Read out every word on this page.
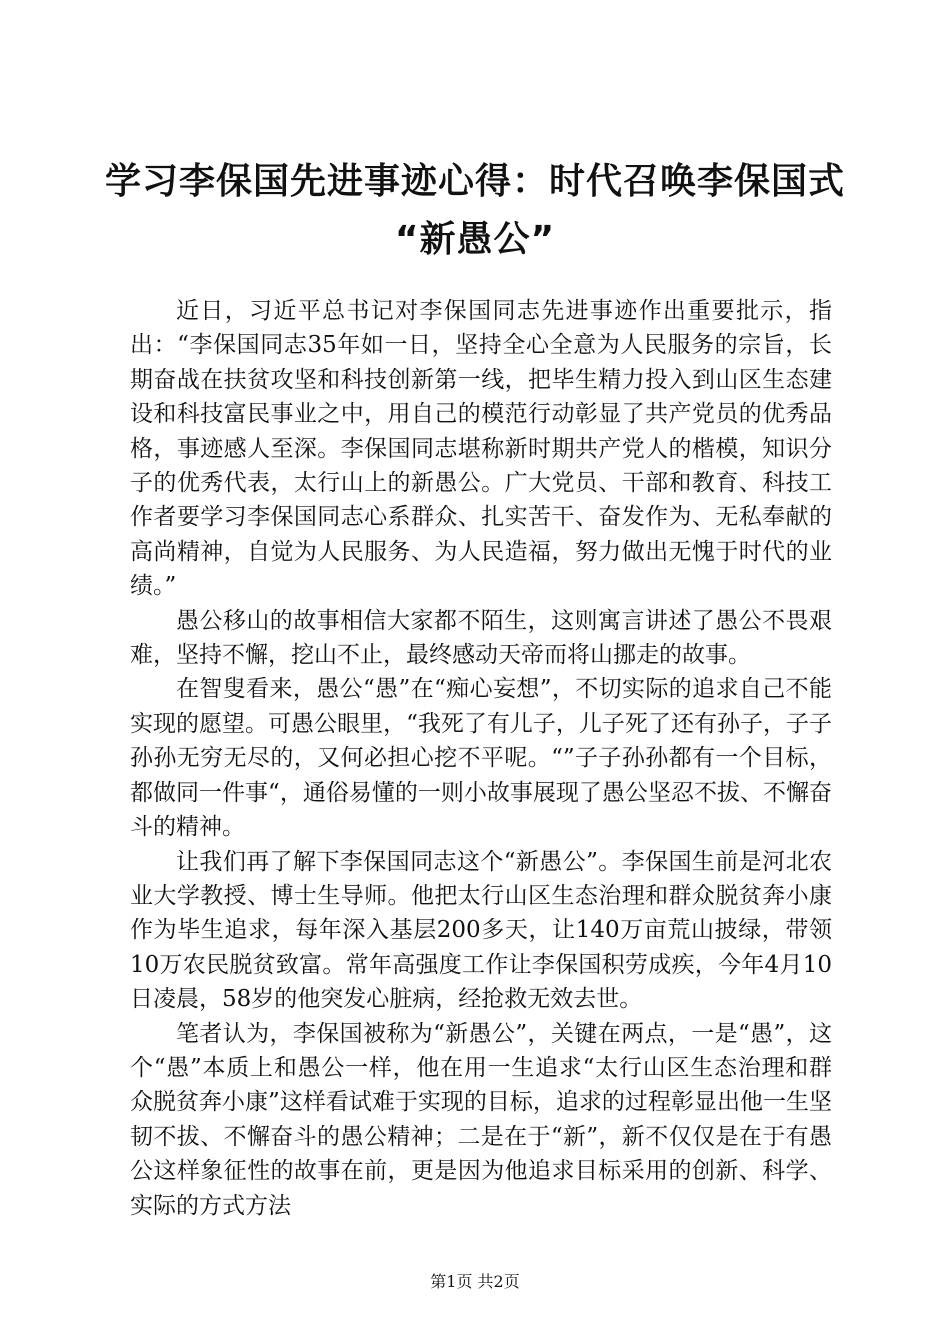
学习李保国先进事迹心得：时代召唤李保国式
“新愚公”

近日，习近平总书记对李保国同志先进事迹作出重要批示，指出：“李保国同志35年如一日，坚持全心全意为人民服务的宗旨，长期奋战在扶贫攻坚和科技创新第一线，把毕生精力投入到山区生态建设和科技富民事业之中，用自己的模范行动彰显了共产党员的优秀品格，事迹感人至深。李保国同志堪称新时期共产党人的楷模，知识分子的优秀代表，太行山上的新愚公。广大党员、干部和教育、科技工作者要学习李保国同志心系群众、扎实苦干、奋发作为、无私奉献的高尚精神，自觉为人民服务、为人民造福，努力做出无愧于时代的业绩。”

愚公移山的故事相信大家都不陌生，这则寓言讲述了愚公不畏艰难，坚持不懈，挖山不止，最终感动天帝而将山挪走的故事。

在智叟看来，愚公“愚”在“痴心妄想”，不切实际的追求自己不能实现的愿望。可愚公眼里，“我死了有儿子，儿子死了还有孙子，子子孙孙无穷无尽的，又何必担心挖不平呢。“”子子孙孙都有一个目标，都做同一件事“，通俗易懂的一则小故事展现了愚公坚忍不拔、不懈奋斗的精神。

让我们再了解下李保国同志这个“新愚公”。李保国生前是河北农业大学教授、博士生导师。他把太行山区生态治理和群众脱贫奔小康作为毕生追求，每年深入基层200多天，让140万亩荒山披绿，带领10万农民脱贫致富。常年高强度工作让李保国积劳成疾，今年4月10日凌晨，58岁的他突发心脏病，经抢救无效去世。

笔者认为，李保国被称为“新愚公”，关键在两点，一是“愚”，这个“愚”本质上和愚公一样，他在用一生追求“太行山区生态治理和群众脱贫奔小康”这样看试难于实现的目标，追求的过程彰显出他一生坚韧不拔、不懈奋斗的愚公精神；二是在于“新”，新不仅仅是在于有愚公这样象征性的故事在前，更是因为他追求目标采用的创新、科学、实际的方式方法

第1页 共2页
